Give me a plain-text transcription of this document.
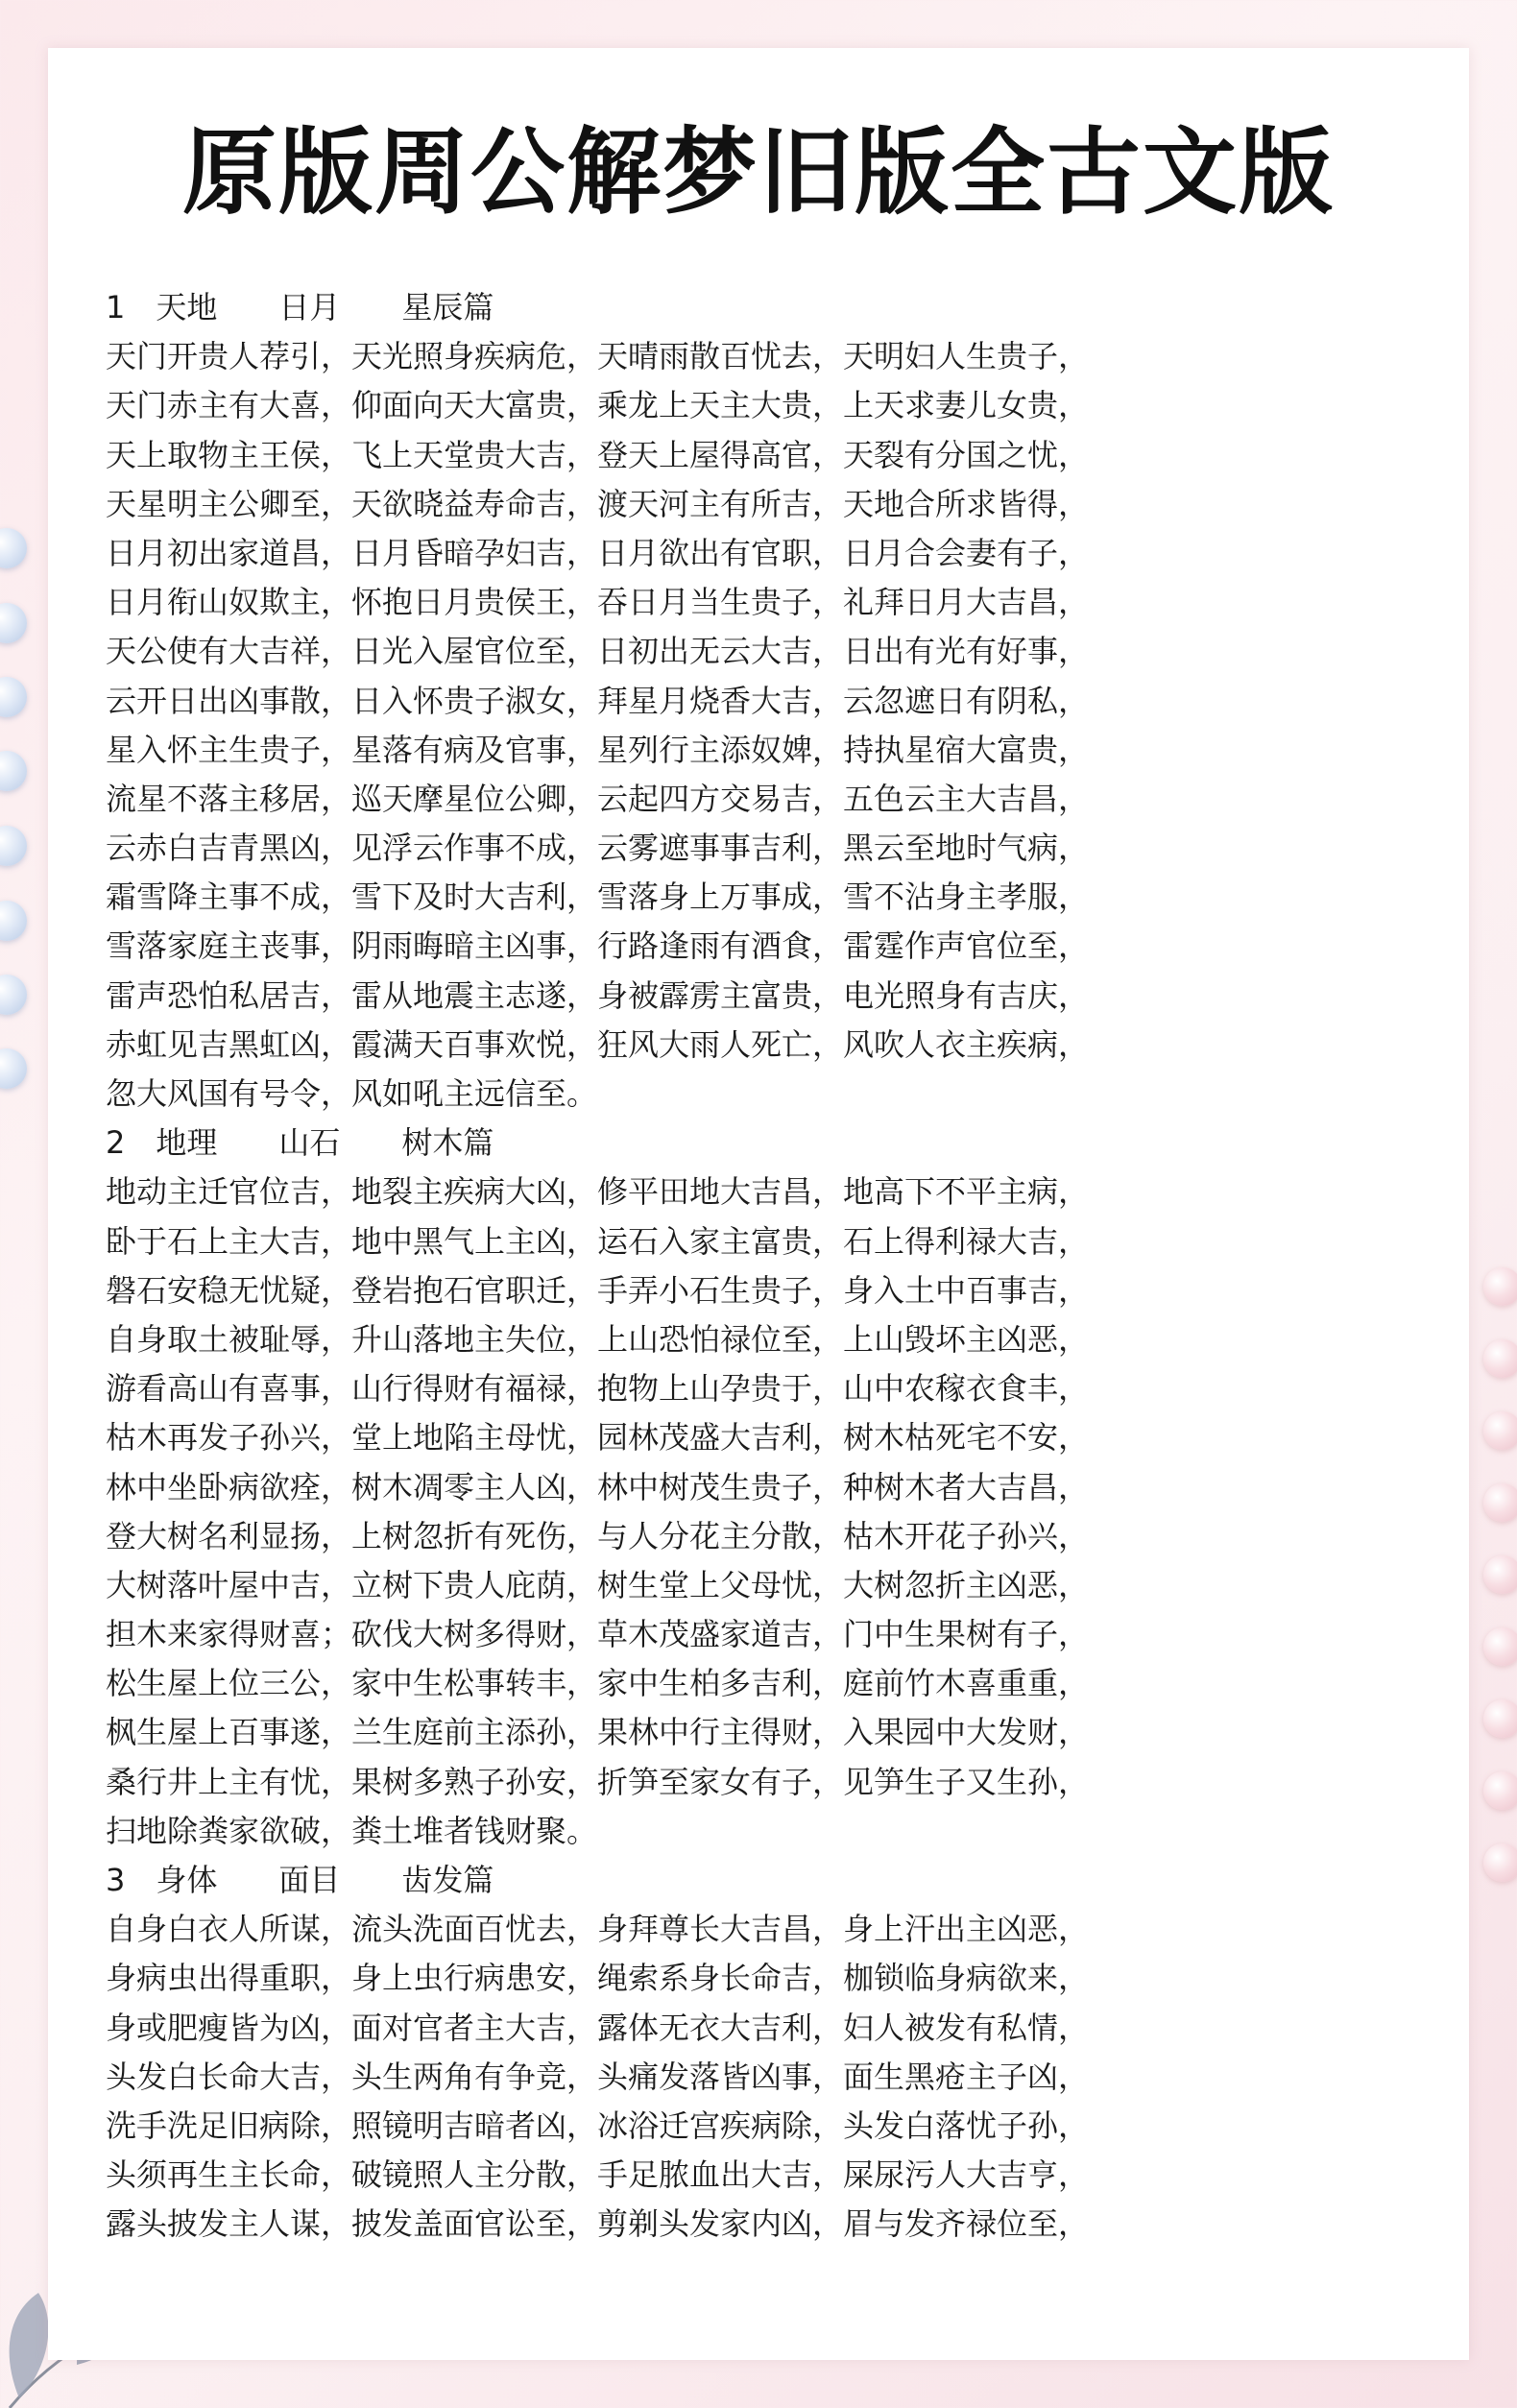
原版周公解梦旧版全古文版
1　天地　　日月　　星辰篇
天门开贵人荐引，天光照身疾病危，天晴雨散百忧去，天明妇人生贵子，
天门赤主有大喜，仰面向天大富贵，乘龙上天主大贵，上天求妻儿女贵，
天上取物主王侯，飞上天堂贵大吉，登天上屋得高官，天裂有分国之忧，
天星明主公卿至，天欲晓益寿命吉，渡天河主有所吉，天地合所求皆得，
日月初出家道昌，日月昏暗孕妇吉，日月欲出有官职，日月合会妻有子，
日月衔山奴欺主，怀抱日月贵侯王，吞日月当生贵子，礼拜日月大吉昌，
天公使有大吉祥，日光入屋官位至，日初出无云大吉，日出有光有好事，
云开日出凶事散，日入怀贵子淑女，拜星月烧香大吉，云忽遮日有阴私，
星入怀主生贵子，星落有病及官事，星列行主添奴婢，持执星宿大富贵，
流星不落主移居，巡天摩星位公卿，云起四方交易吉，五色云主大吉昌，
云赤白吉青黑凶，见浮云作事不成，云雾遮事事吉利，黑云至地时气病，
霜雪降主事不成，雪下及时大吉利，雪落身上万事成，雪不沾身主孝服，
雪落家庭主丧事，阴雨晦暗主凶事，行路逢雨有酒食，雷霆作声官位至，
雷声恐怕私居吉，雷从地震主志遂，身被霹雳主富贵，电光照身有吉庆，
赤虹见吉黑虹凶，霞满天百事欢悦，狂风大雨人死亡，风吹人衣主疾病，
忽大风国有号令，风如吼主远信至。
2　地理　　山石　　树木篇
地动主迁官位吉，地裂主疾病大凶，修平田地大吉昌，地高下不平主病，
卧于石上主大吉，地中黑气上主凶，运石入家主富贵，石上得利禄大吉，
磐石安稳无忧疑，登岩抱石官职迁，手弄小石生贵子，身入土中百事吉，
自身取土被耻辱，升山落地主失位，上山恐怕禄位至，上山毁坏主凶恶，
游看高山有喜事，山行得财有福禄，抱物上山孕贵于，山中农稼衣食丰，
枯木再发子孙兴，堂上地陷主母忧，园林茂盛大吉利，树木枯死宅不安，
林中坐卧病欲痊，树木凋零主人凶，林中树茂生贵子，种树木者大吉昌，
登大树名利显扬，上树忽折有死伤，与人分花主分散，枯木开花子孙兴，
大树落叶屋中吉，立树下贵人庇荫，树生堂上父母忧，大树忽折主凶恶，
担木来家得财喜；砍伐大树多得财，草木茂盛家道吉，门中生果树有子，
松生屋上位三公，家中生松事转丰，家中生柏多吉利，庭前竹木喜重重，
枫生屋上百事遂，兰生庭前主添孙，果林中行主得财，入果园中大发财，
桑行井上主有忧，果树多熟子孙安，折笋至家女有子，见笋生子又生孙，
扫地除粪家欲破，粪土堆者钱财聚。
3　身体　　面目　　齿发篇
自身白衣人所谋，流头洗面百忧去，身拜尊长大吉昌，身上汗出主凶恶，
身病虫出得重职，身上虫行病患安，绳索系身长命吉，枷锁临身病欲来，
身或肥瘦皆为凶，面对官者主大吉，露体无衣大吉利，妇人被发有私情，
头发白长命大吉，头生两角有争竞，头痛发落皆凶事，面生黑疮主子凶，
洗手洗足旧病除，照镜明吉暗者凶，冰浴迁宫疾病除，头发白落忧子孙，
头须再生主长命，破镜照人主分散，手足脓血出大吉，屎尿污人大吉亨，
露头披发主人谋，披发盖面官讼至，剪剃头发家内凶，眉与发齐禄位至，
